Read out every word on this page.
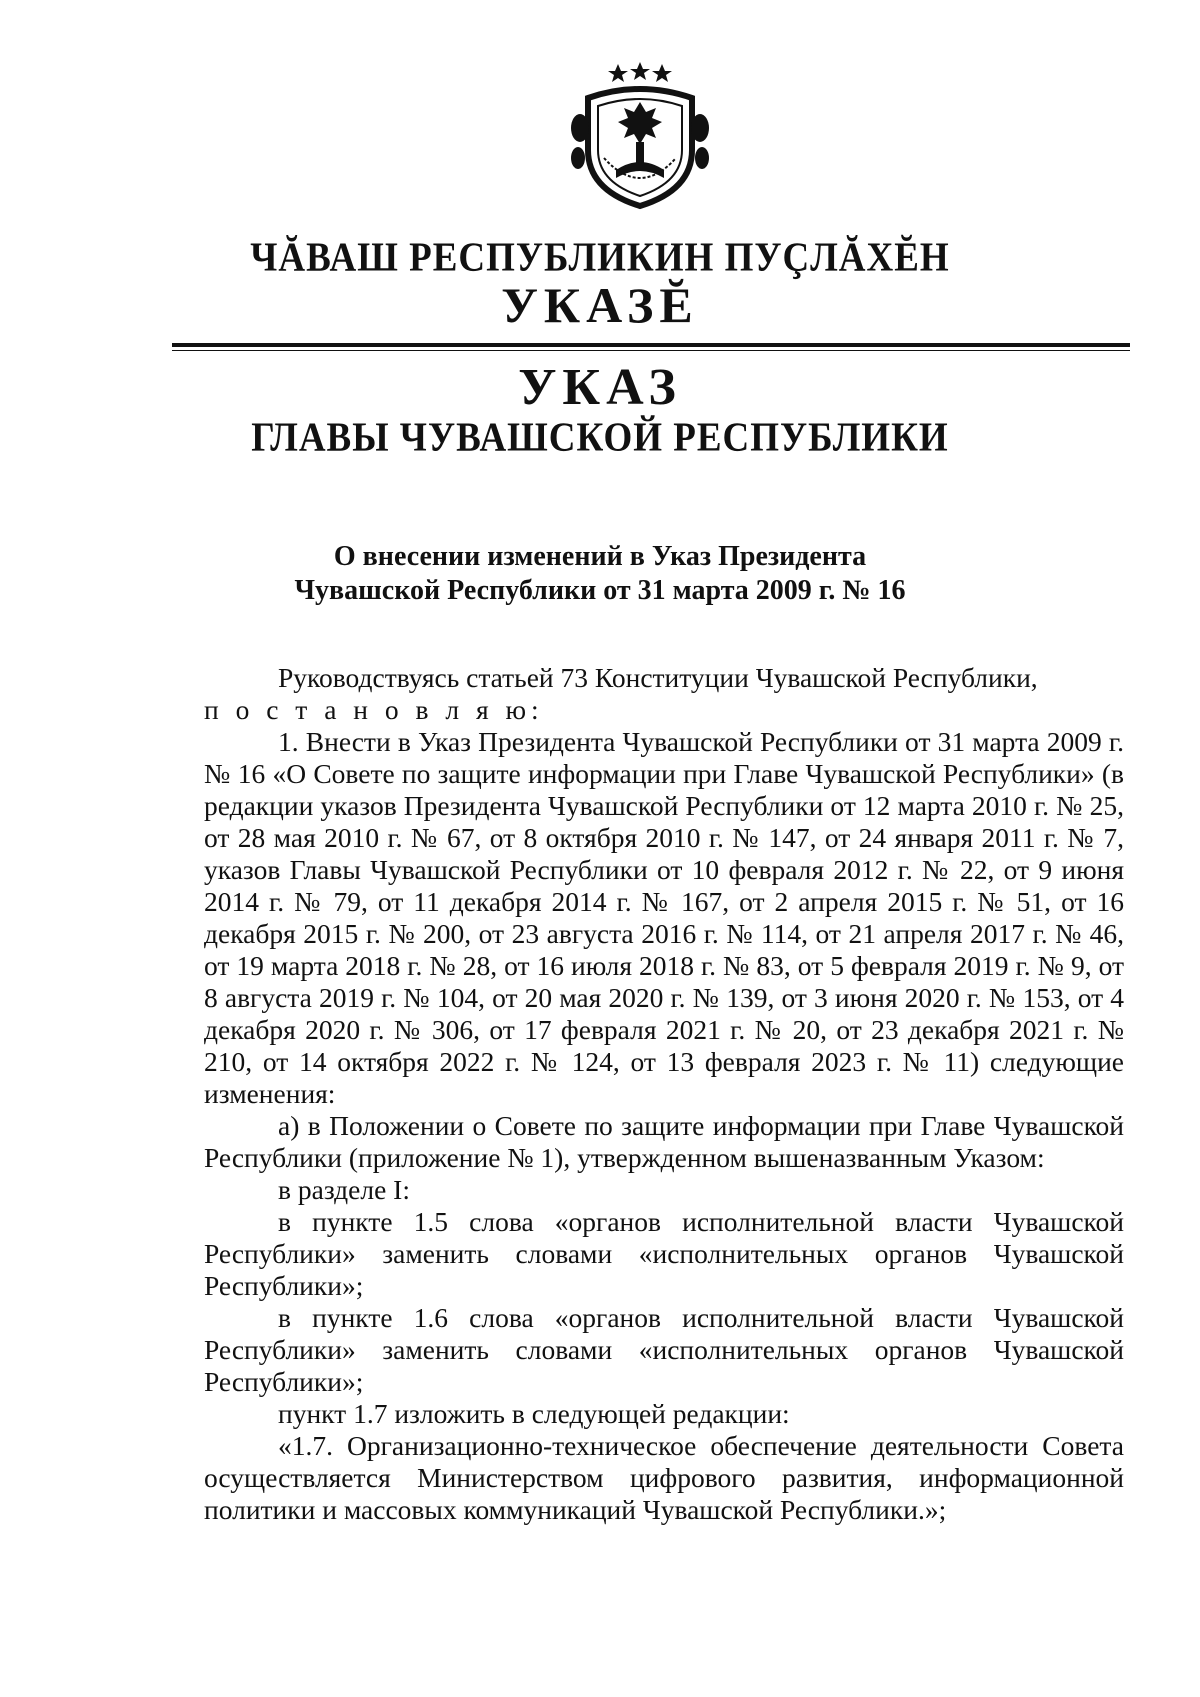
ЧĂВАШ РЕСПУБЛИКИН ПУÇЛĂХĔН
УКАЗĔ
УКАЗ
ГЛАВЫ ЧУВАШСКОЙ РЕСПУБЛИКИ
О внесении изменений в Указ Президента
Чувашской Республики от 31 марта 2009 г. № 16

Руководствуясь статьей 73 Конституции Чувашской Республики,

п о с т а н о в л я ю:

1. Внести в Указ Президента Чувашской Республики от 31 марта 2009 г. № 16 «О Совете по защите информации при Главе Чувашской Республики» (в редакции указов Президента Чувашской Республики от 12 марта 2010 г. № 25, от 28 мая 2010 г. № 67, от 8 октября 2010 г. № 147, от 24 января 2011 г. № 7, указов Главы Чувашской Республики от 10 февраля 2012 г. № 22, от 9 июня 2014 г. № 79, от 11 декабря 2014 г. № 167, от 2 апреля 2015 г. № 51, от 16 декабря 2015 г. № 200, от 23 августа 2016 г. № 114, от 21 апреля 2017 г. № 46, от 19 марта 2018 г. № 28, от 16 июля 2018 г. № 83, от 5 февраля 2019 г. № 9, от 8 августа 2019 г. № 104, от 20 мая 2020 г. № 139, от 3 июня 2020 г. № 153, от 4 декабря 2020 г. № 306, от 17 февраля 2021 г. № 20, от 23 декабря 2021 г. № 210, от 14 октября 2022 г. № 124, от 13 февраля 2023 г. № 11) следующие изменения:

а) в Положении о Совете по защите информации при Главе Чувашской Республики (приложение № 1), утвержденном вышеназванным Указом:

в разделе I:

в пункте 1.5 слова «органов исполнительной власти Чувашской Республики» заменить словами «исполнительных органов Чувашской Республики»;

в пункте 1.6 слова «органов исполнительной власти Чувашской Республики» заменить словами «исполнительных органов Чувашской Республики»;

пункт 1.7 изложить в следующей редакции:

«1.7. Организационно-техническое обеспечение деятельности Совета осуществляется Министерством цифрового развития, информационной политики и массовых коммуникаций Чувашской Республики.»;
